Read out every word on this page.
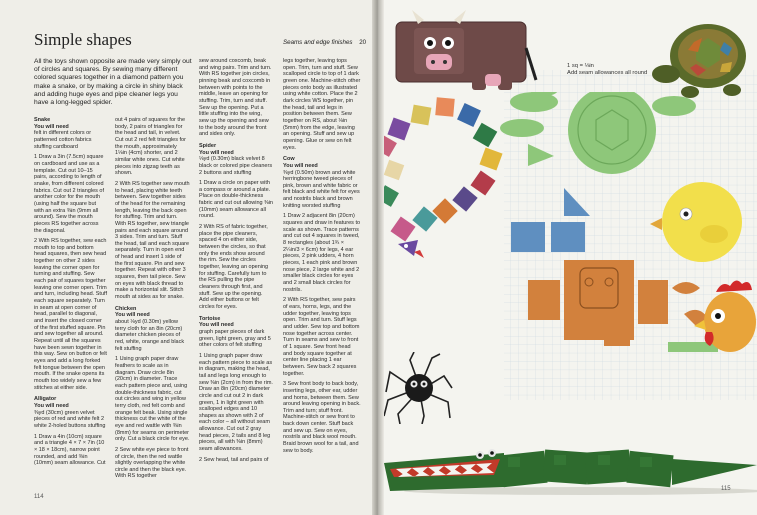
Simple shapes	Seams and edge finishes 20
All the toys shown opposite are made very simply out of circles and squares. By sewing many different colored squares together in a diamond pattern you make a snake, or by making a circle in shiny black and adding huge eyes and pipe cleaner legs you have a long-legged spider.
Snake
You will need
felt in different colors or patterned cotton fabrics stuffing cardboard

1 Draw a 3in (7.5cm) square on cardboard and use as a template. Cut out 10–15 pairs, according to length of snake, from different colored fabrics. Cut out 2 triangles of another color for the mouth (using half the square but with an extra ⅜in (9mm all around). Sew the mouth pieces RS together across the diagonal.

2 With RS together, sew each mouth to top and bottom head squares, then sew head together on other 2 sides leaving the corner open for turning and stuffing. Sew each pair of squares together leaving one corner open. Trim and turn, including head. Stuff each square separately. Turn in seam at open corner of head, parallel to diagonal, and insert the closed corner of the first stuffed square. Pin and sew together all around. Repeat until all the squares have been sewn together in this way. Sew on button or felt eyes and add a long forked felt tongue between the open mouth. If the snake opens its mouth too widely sew a few stitches at either side.

Alligator
You will need
⅜yd (30cm) green velvet pieces of red and white felt 2 white 2-holed buttons stuffing

1 Draw a 4in (10cm) square and a triangle 4 × 7 × 7in (10 × 18 × 18cm), narrow point rounded, and add ⅜in (10mm) seam allowance. Cut

out 4 pairs of squares for the body, 2 pairs of triangles for the head and tail, in velvet. Cut out 2 red felt triangles for the mouth, approximately 1⅛in (4cm) shorter, and 2 similar white ones. Cut white pieces into zigzag teeth as shown.

2 With RS together sew mouth to head, placing white teeth between. Sew together sides of the head for the remaining length, leaving the back open for stuffing. Trim and turn. With RS together, sew triangle pairs and each square around 3 sides. Trim and turn. Stuff the head, tail and each square separately. Turn in open end of head and insert 1 side of the first square. Pin and sew together. Repeat with other 3 squares, then tail piece. Sew on eyes with black thread to make a horizontal slit. Stitch mouth at sides as for snake.

Chicken
You will need
about ⅛yd (0.30m) yellow terry cloth for an 8in (20cm) diameter chicken pieces of red, white, orange and black felt stuffing

1 Using graph paper draw feathers to scale as in diagram. Draw circle 8in (20cm) in diameter. Trace each pattern piece and, using double-thickness fabric, cut out circles and wing in yellow terry cloth, red felt comb and orange felt beak. Using single thickness cut the white of the eye and red wattle with ⅜in (8mm) for seams on perimeter only. Cut a black circle for eye.

2 Sew white eye piece to front of circle, then the red wattle slightly overlapping the white circle and then the black eye. With RS together

sew around coxcomb, beak and wing pairs. Trim and turn. With RS together join circles, pinning beak and coxcomb in between with points to the middle, leave an opening for stuffing. Trim, turn and stuff. Sew up the opening. Put a little stuffing into the wing, sew up the opening and sew to the body around the front and sides only.

Spider
You will need
⅛yd (0.30m) black velvet 8 black or colored pipe cleaners 2 buttons and stuffing

1 Draw a circle on paper with a compass or around a plate. Place on double-thickness fabric and cut out allowing ⅜in (10mm) seam allowance all round.

2 With RS of fabric together, place the pipe cleaners, spaced 4 on either side, between the circles, so that only the ends show around the rim. Sew the circles together, leaving an opening for stuffing. Carefully turn to the RS pulling the pipe cleaners through first, and stuff. Sew up the opening. Add either buttons or felt circles for eyes.

Tortoise
You will need
graph paper pieces of dark green, light green, gray and 5 other colors of felt stuffing

1 Using graph paper draw each pattern piece to scale as in diagram, making the head, tail and legs long enough to sew ⅜in (2cm) in from the rim. Draw an 8in (20cm) diameter circle and cut out 2 in dark green, 1 in light green with scalloped edges and 10 shapes as shown with 2 of each color – all without seam allowance. Cut out 2 gray head pieces, 2 tails and 8 leg pieces, all with ⅜in (8mm) seam allowances.

2 Sew head, tail and pairs of

legs together, leaving tops open. Trim, turn and stuff. Sew scalloped circle to top of 1 dark green one. Machine-stitch other pieces onto body as illustrated using white cotton. Place the 2 dark circles WS together, pin the head, tail and legs in position between them. Sew together on RS, about ⅛in (5mm) from the edge, leaving an opening. Stuff and sew up opening. Glue or sew on felt eyes.

Cow
You will need
⅜yd (0.50m) brown and white herringbone tweed pieces of pink, brown and white fabric or felt black and white felt for eyes and nostrils black and brown knitting worsted stuffing

1 Draw 2 adjacent 8in (20cm) squares and draw in features to scale as shown. Trace patterns and cut out 4 squares in tweed, 8 rectangles (about 1¾ × 2¼in/3 × 6cm) for legs, 4 ear pieces, 2 pink udders, 4 horn pieces, 1 each pink and brown nose piece, 2 large white and 2 smaller black circles for eyes and 2 small black circles for nostrils.

2 With RS together, sew pairs of ears, horns, legs, and the udder together, leaving tops open. Trim and turn. Stuff legs and udder. Sew top and bottom nose together across center. Turn in seams and sew to front of 1 square. Sew front head and body square together at center line placing 1 ear between. Sew back 2 squares together.

3 Sew front body to back body, inserting legs, other ear, udder and horns, between them. Sew around leaving opening in back. Trim and turn; stuff front. Machine-stitch or sew front to back down center. Stuff back and sew up. Sew on eyes, nostrils and black wool mouth. Braid brown wool for a tail, and sew to body.

114
1 sq = ⅛in
Add seam allowances all round
115
